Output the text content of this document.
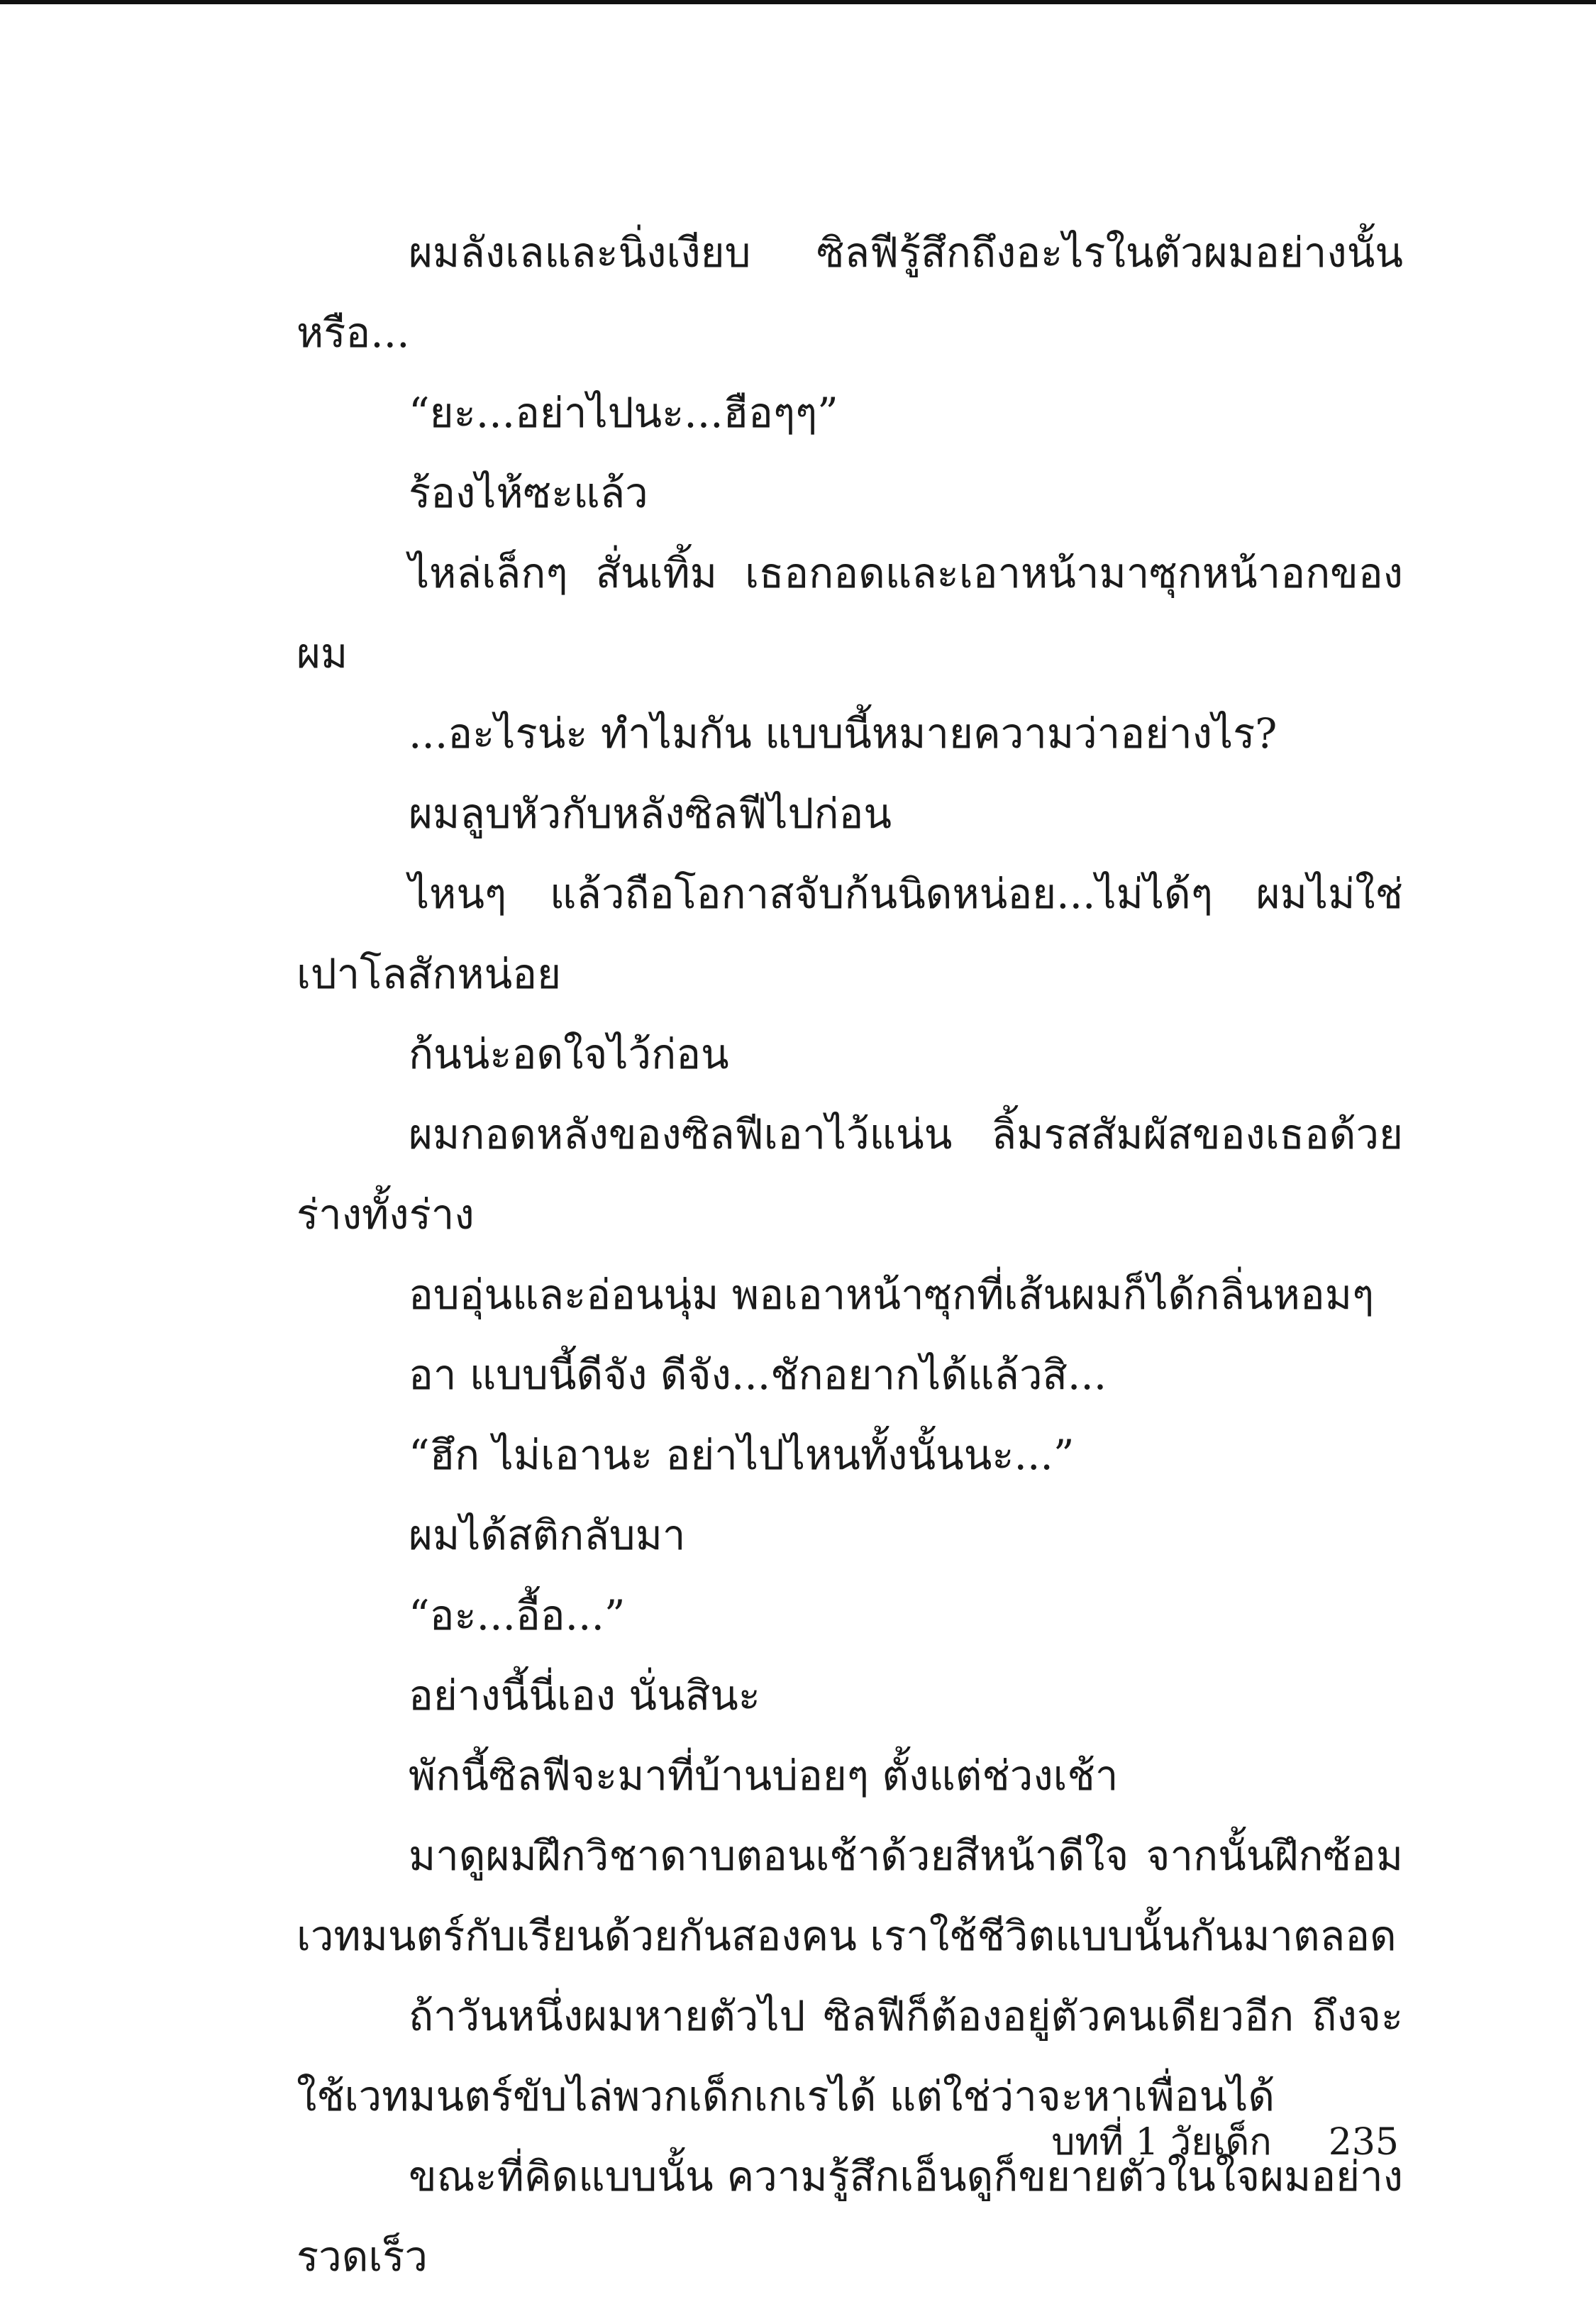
ผมลังเลและนิ่งเงียบ ซิลฟีรู้สึกถึงอะไรในตัวผมอย่างนั้นหรือ...

“ยะ...อย่าไปนะ...ฮือๆๆ”

ร้องไห้ซะแล้ว

ไหล่เล็กๆ สั่นเทิ้ม เธอกอดและเอาหน้ามาซุกหน้าอกของผม

...อะไรน่ะ ทำไมกัน แบบนี้หมายความว่าอย่างไร?

ผมลูบหัวกับหลังซิลฟีไปก่อน

ไหนๆ แล้วถือโอกาสจับก้นนิดหน่อย...ไม่ได้ๆ ผมไม่ใช่เปาโลสักหน่อย

ก้นน่ะอดใจไว้ก่อน

ผมกอดหลังของซิลฟีเอาไว้แน่น ลิ้มรสสัมผัสของเธอด้วยร่างทั้งร่าง

อบอุ่นและอ่อนนุ่ม พอเอาหน้าซุกที่เส้นผมก็ได้กลิ่นหอมๆ

อา แบบนี้ดีจัง ดีจัง...ชักอยากได้แล้วสิ...

“ฮึก ไม่เอานะ อย่าไปไหนทั้งนั้นนะ...”

ผมได้สติกลับมา

“อะ...อื้อ...”

อย่างนี้นี่เอง นั่นสินะ

พักนี้ซิลฟีจะมาที่บ้านบ่อยๆ ตั้งแต่ช่วงเช้า

มาดูผมฝึกวิชาดาบตอนเช้าด้วยสีหน้าดีใจ จากนั้นฝึกซ้อมเวทมนตร์กับเรียนด้วยกันสองคน เราใช้ชีวิตแบบนั้นกันมาตลอด

ถ้าวันหนึ่งผมหายตัวไป ซิลฟีก็ต้องอยู่ตัวคนเดียวอีก ถึงจะใช้เวทมนตร์ขับไล่พวกเด็กเกเรได้ แต่ใช่ว่าจะหาเพื่อนได้

ขณะที่คิดแบบนั้น ความรู้สึกเอ็นดูก็ขยายตัวในใจผมอย่างรวดเร็ว

บทที่ 1 วัยเด็ก 235
